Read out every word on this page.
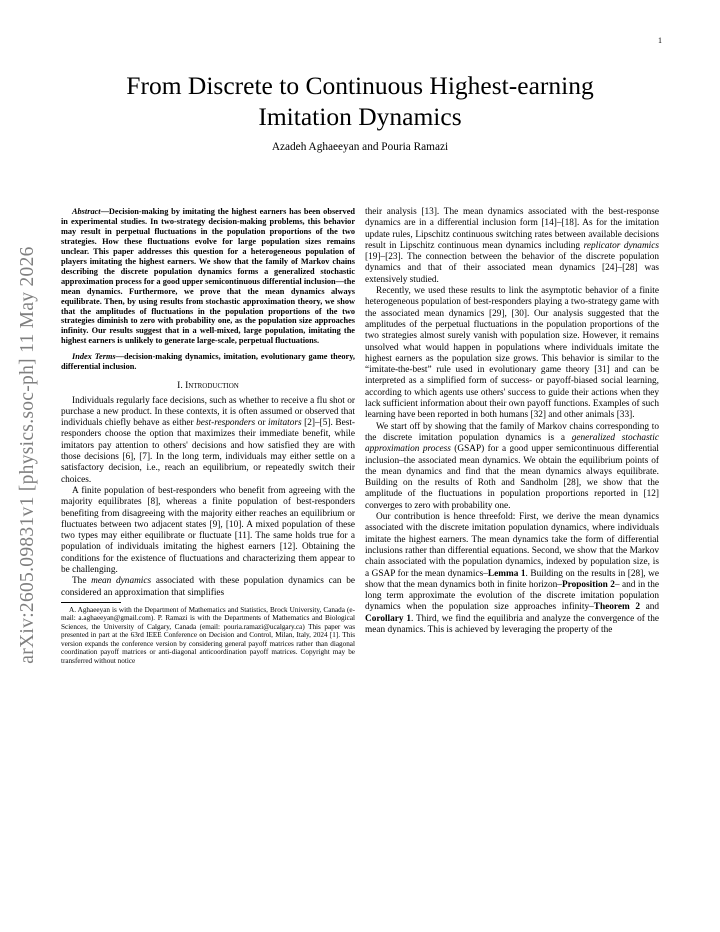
1
arXiv:2605.09831v1 [physics.soc-ph] 11 May 2026
From Discrete to Continuous Highest-earning
Imitation Dynamics
Azadeh Aghaeeyan and Pouria Ramazi
Abstract—Decision-making by imitating the highest earners has been observed in experimental studies. In two-strategy decision-making problems, this behavior may result in perpetual fluctuations in the population proportions of the two strategies. How these fluctuations evolve for large population sizes remains unclear. This paper addresses this question for a heterogeneous population of players imitating the highest earners. We show that the family of Markov chains describing the discrete population dynamics forms a generalized stochastic approximation process for a good upper semicontinuous differential inclusion—the mean dynamics. Furthermore, we prove that the mean dynamics always equilibrate. Then, by using results from stochastic approximation theory, we show that the amplitudes of fluctuations in the population proportions of the two strategies diminish to zero with probability one, as the population size approaches infinity. Our results suggest that in a well-mixed, large population, imitating the highest earners is unlikely to generate large-scale, perpetual fluctuations.
Index Terms—decision-making dynamics, imitation, evolutionary game theory, differential inclusion.
I. Introduction

Individuals regularly face decisions, such as whether to receive a flu shot or purchase a new product. In these contexts, it is often assumed or observed that individuals chiefly behave as either best-responders or imitators [2]–[5]. Best-responders choose the option that maximizes their immediate benefit, while imitators pay attention to others' decisions and how satisfied they are with those decisions [6], [7]. In the long term, individuals may either settle on a satisfactory decision, i.e., reach an equilibrium, or repeatedly switch their choices.

A finite population of best-responders who benefit from agreeing with the majority equilibrates [8], whereas a finite population of best-responders benefiting from disagreeing with the majority either reaches an equilibrium or fluctuates between two adjacent states [9], [10]. A mixed population of these two types may either equilibrate or fluctuate [11]. The same holds true for a population of individuals imitating the highest earners [12]. Obtaining the conditions for the existence of fluctuations and characterizing them appear to be challenging.

The mean dynamics associated with these population dynamics can be considered an approximation that simplifies

A. Aghaeeyan is with the Department of Mathematics and Statistics, Brock University, Canada (e-mail: a.aghaeeyan@gmail.com). P. Ramazi is with the Departments of Mathematics and Biological Sciences, the University of Calgary, Canada (email: pouria.ramazi@ucalgary.ca) This paper was presented in part at the 63rd IEEE Conference on Decision and Control, Milan, Italy, 2024 [1]. This version expands the conference version by considering general payoff matrices rather than diagonal coordination payoff matrices or anti-diagonal anticoordination payoff matrices. Copyright may be transferred without notice

their analysis [13]. The mean dynamics associated with the best-response dynamics are in a differential inclusion form [14]–[18]. As for the imitation update rules, Lipschitz continuous switching rates between available decisions result in Lipschitz continuous mean dynamics including replicator dynamics [19]–[23]. The connection between the behavior of the discrete population dynamics and that of their associated mean dynamics [24]–[28] was extensively studied.

Recently, we used these results to link the asymptotic behavior of a finite heterogeneous population of best-responders playing a two-strategy game with the associated mean dynamics [29], [30]. Our analysis suggested that the amplitudes of the perpetual fluctuations in the population proportions of the two strategies almost surely vanish with population size. However, it remains unsolved what would happen in populations where individuals imitate the highest earners as the population size grows. This behavior is similar to the “imitate-the-best” rule used in evolutionary game theory [31] and can be interpreted as a simplified form of success- or payoff-biased social learning, according to which agents use others' success to guide their actions when they lack sufficient information about their own payoff functions. Examples of such learning have been reported in both humans [32] and other animals [33].

We start off by showing that the family of Markov chains corresponding to the discrete imitation population dynamics is a generalized stochastic approximation process (GSAP) for a good upper semicontinuous differential inclusion–the associated mean dynamics. We obtain the equilibrium points of the mean dynamics and find that the mean dynamics always equilibrate. Building on the results of Roth and Sandholm [28], we show that the amplitude of the fluctuations in population proportions reported in [12] converges to zero with probability one.

Our contribution is hence threefold: First, we derive the mean dynamics associated with the discrete imitation population dynamics, where individuals imitate the highest earners. The mean dynamics take the form of differential inclusions rather than differential equations. Second, we show that the Markov chain associated with the population dynamics, indexed by population size, is a GSAP for the mean dynamics–Lemma 1. Building on the results in [28], we show that the mean dynamics both in finite horizon–Proposition 2– and in the long term approximate the evolution of the discrete imitation population dynamics when the population size approaches infinity–Theorem 2 and Corollary 1. Third, we find the equilibria and analyze the convergence of the mean dynamics. This is achieved by leveraging the property of the
